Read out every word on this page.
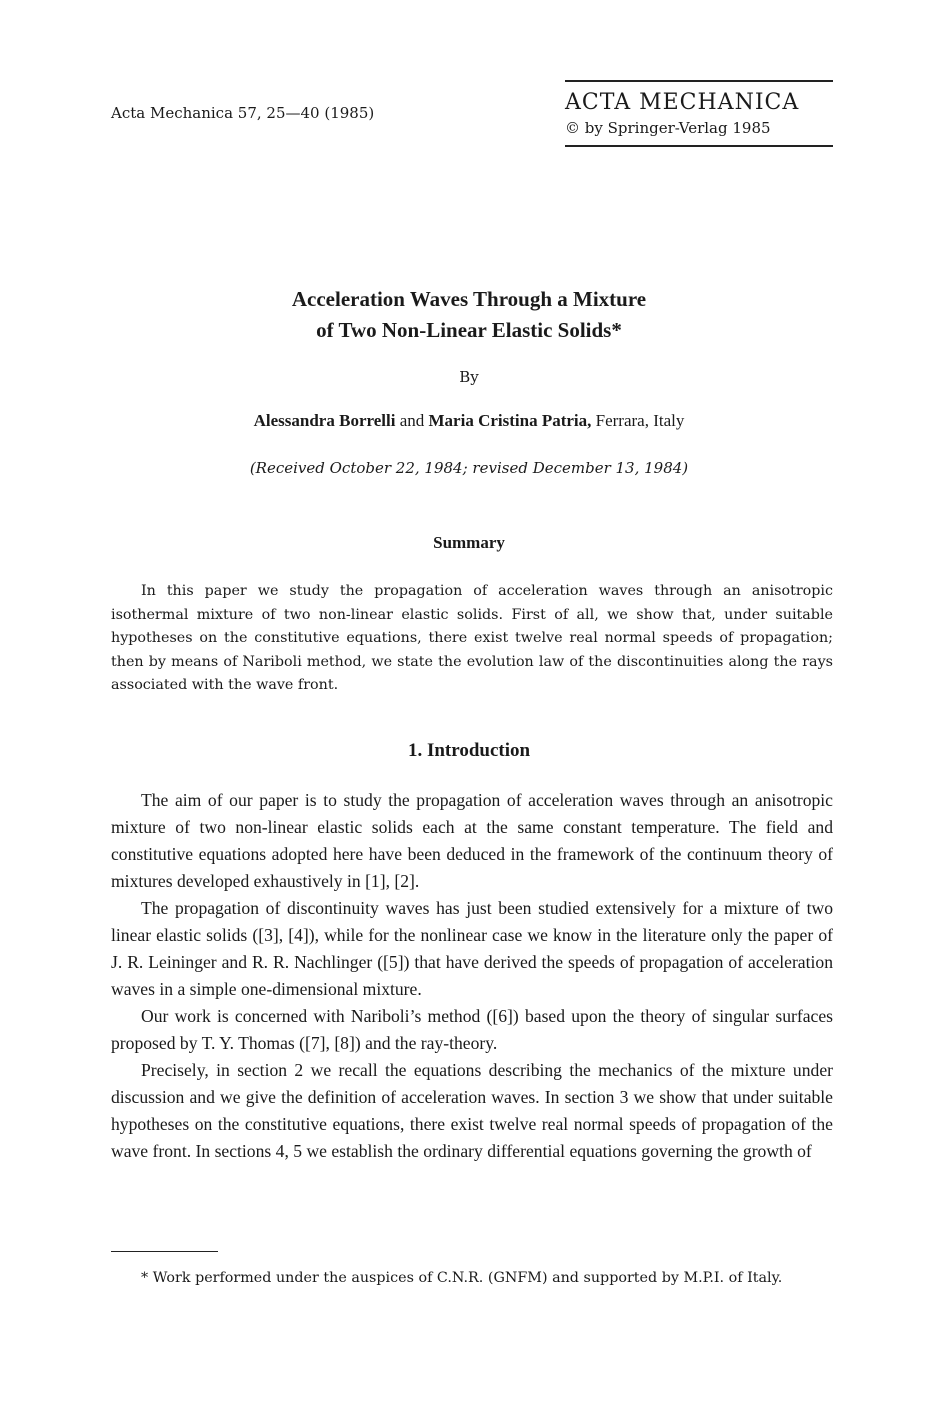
Acta Mechanica 57, 25—40 (1985)	ACTA MECHANICA
© by Springer-Verlag 1985
Acceleration Waves Through a Mixture
of Two Non-Linear Elastic Solids*
By
Alessandra Borrelli and Maria Cristina Patria, Ferrara, Italy
(Received October 22, 1984; revised December 13, 1984)
Summary
In this paper we study the propagation of acceleration waves through an anisotropic isothermal mixture of two non-linear elastic solids. First of all, we show that, under suitable hypotheses on the constitutive equations, there exist twelve real normal speeds of propagation; then by means of Nariboli method, we state the evolution law of the discontinuities along the rays associated with the wave front.
1. Introduction

The aim of our paper is to study the propagation of acceleration waves through an anisotropic mixture of two non-linear elastic solids each at the same constant temperature. The field and constitutive equations adopted here have been deduced in the framework of the continuum theory of mixtures developed exhaustively in [1], [2].

The propagation of discontinuity waves has just been studied extensively for a mixture of two linear elastic solids ([3], [4]), while for the nonlinear case we know in the literature only the paper of J. R. Leininger and R. R. Nachlinger ([5]) that have derived the speeds of propagation of acceleration waves in a simple one-dimensional mixture.

Our work is concerned with Nariboli’s method ([6]) based upon the theory of singular surfaces proposed by T. Y. Thomas ([7], [8]) and the ray-theory.

Precisely, in section 2 we recall the equations describing the mechanics of the mixture under discussion and we give the definition of acceleration waves. In section 3 we show that under suitable hypotheses on the constitutive equations, there exist twelve real normal speeds of propagation of the wave front. In sections 4, 5 we establish the ordinary differential equations governing the growth of

* Work performed under the auspices of C.N.R. (GNFM) and supported by M.P.I. of Italy.
